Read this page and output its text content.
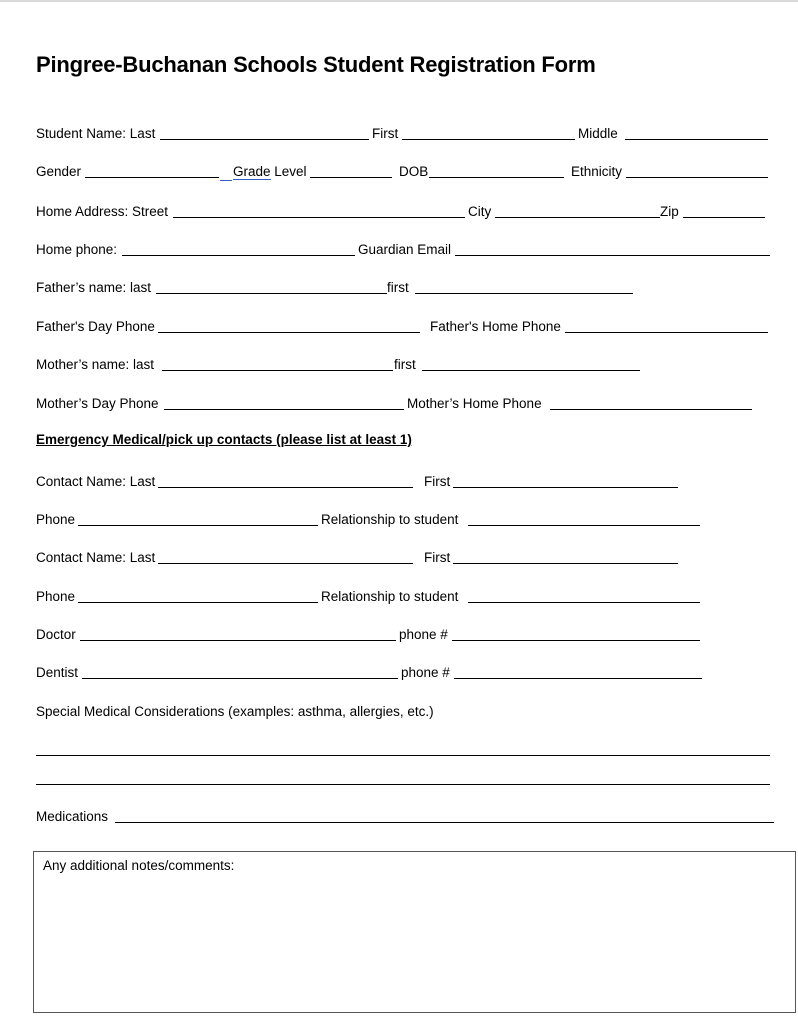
Pingree-Buchanan Schools Student Registration Form
Student Name: Last	First	Middle
Gender	Grade Level	DOB	Ethnicity
Home Address: Street	City	Zip
Home phone:	Guardian Email
Father’s name: last	first
Father's Day Phone	Father's Home Phone
Mother’s name: last	first
Mother’s Day Phone	Mother’s Home Phone
Emergency Medical/pick up contacts (please list at least 1)
Contact Name: Last	First
Phone	Relationship to student
Contact Name: Last	First
Phone	Relationship to student
Doctor	phone #
Dentist	phone #
Special Medical Considerations (examples: asthma, allergies, etc.)
Medications
Any additional notes/comments:
